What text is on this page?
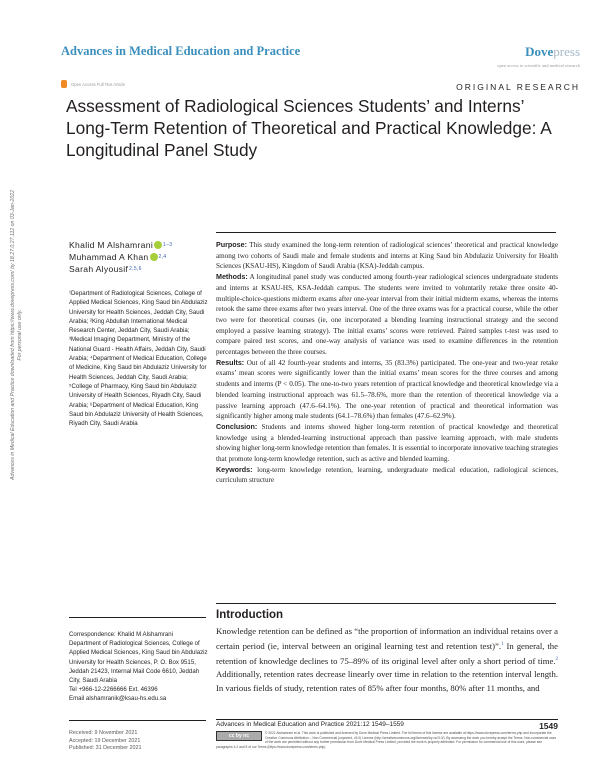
Advances in Medical Education and Practice downloaded from https://www.dovepress.com/ by 18.27.0.27.112 on 03-Jan-2022 For personal use only.
Advances in Medical Education and Practice	Dovepress
open access to scientific and medical research
Open Access Full Text Article	ORIGINAL RESEARCH
Assessment of Radiological Sciences Students’ and Interns’ Long-Term Retention of Theoretical and Practical Knowledge: A Longitudinal Panel Study
Khalid M Alshamrani 1–3
Muhammad A Khan 2,4
Sarah Alyousif 2,5,6
¹Department of Radiological Sciences, College of Applied Medical Sciences, King Saud bin Abdulaziz University for Health Sciences, Jeddah City, Saudi Arabia; ²King Abdullah International Medical Research Center, Jeddah City, Saudi Arabia; ³Medical Imaging Department, Ministry of the National Guard - Health Affairs, Jeddah City, Saudi Arabia; ⁴Department of Medical Education, College of Medicine, King Saud bin Abdulaziz University for Health Sciences, Jeddah City, Saudi Arabia; ⁵College of Pharmacy, King Saud bin Abdulaziz University of Health Sciences, Riyadh City, Saudi Arabia; ⁶Department of Medical Education, King Saud bin Abdulaziz University of Health Sciences, Riyadh City, Saudi Arabia

Purpose: This study examined the long-term retention of radiological sciences’ theoretical and practical knowledge among two cohorts of Saudi male and female students and interns at King Saud bin Abdulaziz University for Health Sciences (KSAU-HS), Kingdom of Saudi Arabia (KSA)-Jeddah campus.

Methods: A longitudinal panel study was conducted among fourth-year radiological sciences undergraduate students and interns at KSAU-HS, KSA-Jeddah campus. The students were invited to voluntarily retake three onsite 40-multiple-choice-questions midterm exams after one-year interval from their initial midterm exams, whereas the interns retook the same three exams after two years interval. One of the three exams was for a practical course, while the other two were for theoretical courses (ie, one incorporated a blending learning instructional strategy and the second employed a passive learning strategy). The initial exams’ scores were retrieved. Paired samples t-test was used to compare paired test scores, and one-way analysis of variance was used to examine differences in the retention percentages between the three courses.

Results: Out of all 42 fourth-year students and interns, 35 (83.3%) participated. The one-year and two-year retake exams’ mean scores were significantly lower than the initial exams’ mean scores for the three courses and among students and interns (P < 0.05). The one-to-two years retention of practical knowledge and theoretical knowledge via a blended learning instructional approach was 61.5–78.6%, more than the retention of theoretical knowledge via a passive learning approach (47.6–64.1%). The one-year retention of practical and theoretical information was significantly higher among male students (64.1–78.6%) than females (47.6–62.9%).

Conclusion: Students and interns showed higher long-term retention of practical knowledge and theoretical knowledge using a blended-learning instructional approach than passive learning approach, with male students showing higher long-term knowledge retention than females. It is essential to incorporate innovative teaching strategies that promote long-term knowledge retention, such as active and blended learning.

Keywords: long-term knowledge retention, learning, undergraduate medical education, radiological sciences, curriculum structure

Introduction
Knowledge retention can be defined as “the proportion of information an individual retains over a certain period (ie, interval between an original learning test and retention test)”.$^1$ In general, the retention of knowledge declines to 75–89% of its original level after only a short period of time.$^2$ Additionally, retention rates decrease linearly over time in relation to the retention interval length. In various fields of study, retention rates of 85% after four months, 80% after 11 months, and
Correspondence: Khalid M Alshamrani
Department of Radiological Sciences, College of Applied Medical Sciences, King Saud bin Abdulaziz University for Health Sciences, P. O. Box 9515, Jeddah 21423, Internal Mail Code 6610, Jeddah City, Saudi Arabia
Tel +966-12-2266666 Ext. 46396
Email alshamranik@ksau-hs.edu.sa
Received: 9 November 2021
Accepted: 19 December 2021
Published: 31 December 2021
Advances in Medical Education and Practice 2021:12 1549–1559	1549
cc by nc	© 2021 Alshamrani et al. This work is published and licensed by Dove Medical Press Limited. The full terms of this license are available at https://www.dovepress.com/terms.php and incorporate the Creative Commons Attribution – Non Commercial (unported, v3.0) License (http://creativecommons.org/licenses/by-nc/3.0/). By accessing the work you hereby accept the Terms. Non-commercial uses of the work are permitted without any further permission from Dove Medical Press Limited, provided the work is properly attributed. For permission for commercial use of this work, please see paragraphs 4.2 and 5 of our Terms (https://www.dovepress.com/terms.php).
